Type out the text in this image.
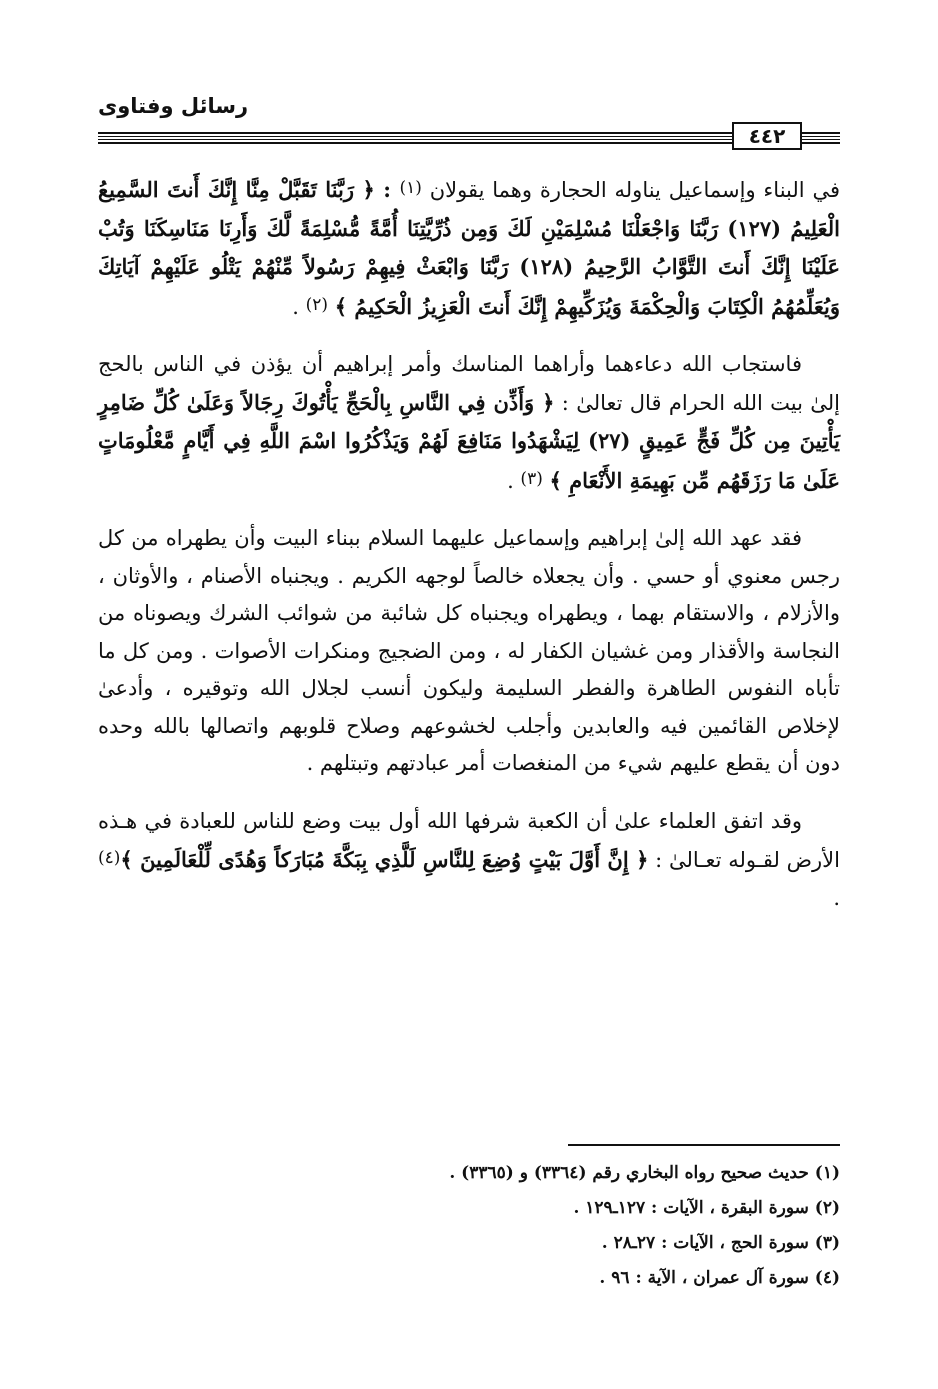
رسائل وفتاوى
٤٤٢

في البناء وإسماعيل يناوله الحجارة وهما يقولان (١) : ﴿ رَبَّنَا تَقَبَّلْ مِنَّا إِنَّكَ أَنتَ السَّمِيعُ الْعَلِيمُ (١٢٧) رَبَّنَا وَاجْعَلْنَا مُسْلِمَيْنِ لَكَ وَمِن ذُرِّيَّتِنَا أُمَّةً مُّسْلِمَةً لَّكَ وَأَرِنَا مَنَاسِكَنَا وَتُبْ عَلَيْنَا إِنَّكَ أَنتَ التَّوَّابُ الرَّحِيمُ (١٢٨) رَبَّنَا وَابْعَثْ فِيهِمْ رَسُولاً مِّنْهُمْ يَتْلُو عَلَيْهِمْ آيَاتِكَ وَيُعَلِّمُهُمُ الْكِتَابَ وَالْحِكْمَةَ وَيُزَكِّيهِمْ إِنَّكَ أَنتَ الْعَزِيزُ الْحَكِيمُ ﴾ (٢) .

فاستجاب الله دعاءهما وأراهما المناسك وأمر إبراهيم أن يؤذن في الناس بالحج إلىٰ بيت الله الحرام قال تعالىٰ : ﴿ وَأَذِّن فِي النَّاسِ بِالْحَجِّ يَأْتُوكَ رِجَالاً وَعَلَىٰ كُلِّ ضَامِرٍ يَأْتِينَ مِن كُلِّ فَجٍّ عَمِيقٍ (٢٧) لِيَشْهَدُوا مَنَافِعَ لَهُمْ وَيَذْكُرُوا اسْمَ اللَّهِ فِي أَيَّامٍ مَّعْلُومَاتٍ عَلَىٰ مَا رَزَقَهُم مِّن بَهِيمَةِ الأَنْعَامِ ﴾ (٣) .

فقد عهد الله إلىٰ إبراهيم وإسماعيل عليهما السلام ببناء البيت وأن يطهراه من كل رجس معنوي أو حسي . وأن يجعلاه خالصاً لوجهه الكريم . ويجنباه الأصنام ، والأوثان ، والأزلام ، والاستقام بهما ، ويطهراه ويجنباه كل شائبة من شوائب الشرك ويصوناه من النجاسة والأقذار ومن غشيان الكفار له ، ومن الضجيج ومنكرات الأصوات . ومن كل ما تأباه النفوس الطاهرة والفطر السليمة وليكون أنسب لجلال الله وتوقيره ، وأدعىٰ لإخلاص القائمين فيه والعابدين وأجلب لخشوعهم وصلاح قلوبهم واتصالها بالله وحده دون أن يقطع عليهم شيء من المنغصات أمر عبادتهم وتبتلهم .

وقد اتفق العلماء علىٰ أن الكعبة شرفها الله أول بيت وضع للناس للعبادة في هـذه الأرض لقـوله تعـالىٰ : ﴿ إِنَّ أَوَّلَ بَيْتٍ وُضِعَ لِلنَّاسِ لَلَّذِي بِبَكَّةَ مُبَارَكاً وَهُدًى لِّلْعَالَمِينَ ﴾(٤) .

(١) حديث صحيح رواه البخاري رقم (٣٣٦٤) و (٣٣٦٥) .
(٢) سورة البقرة ، الآيات : ١٢٧ـ١٢٩ .
(٣) سورة الحج ، الآيات : ٢٧ـ٢٨ .
(٤) سورة آل عمران ، الآية : ٩٦ .
